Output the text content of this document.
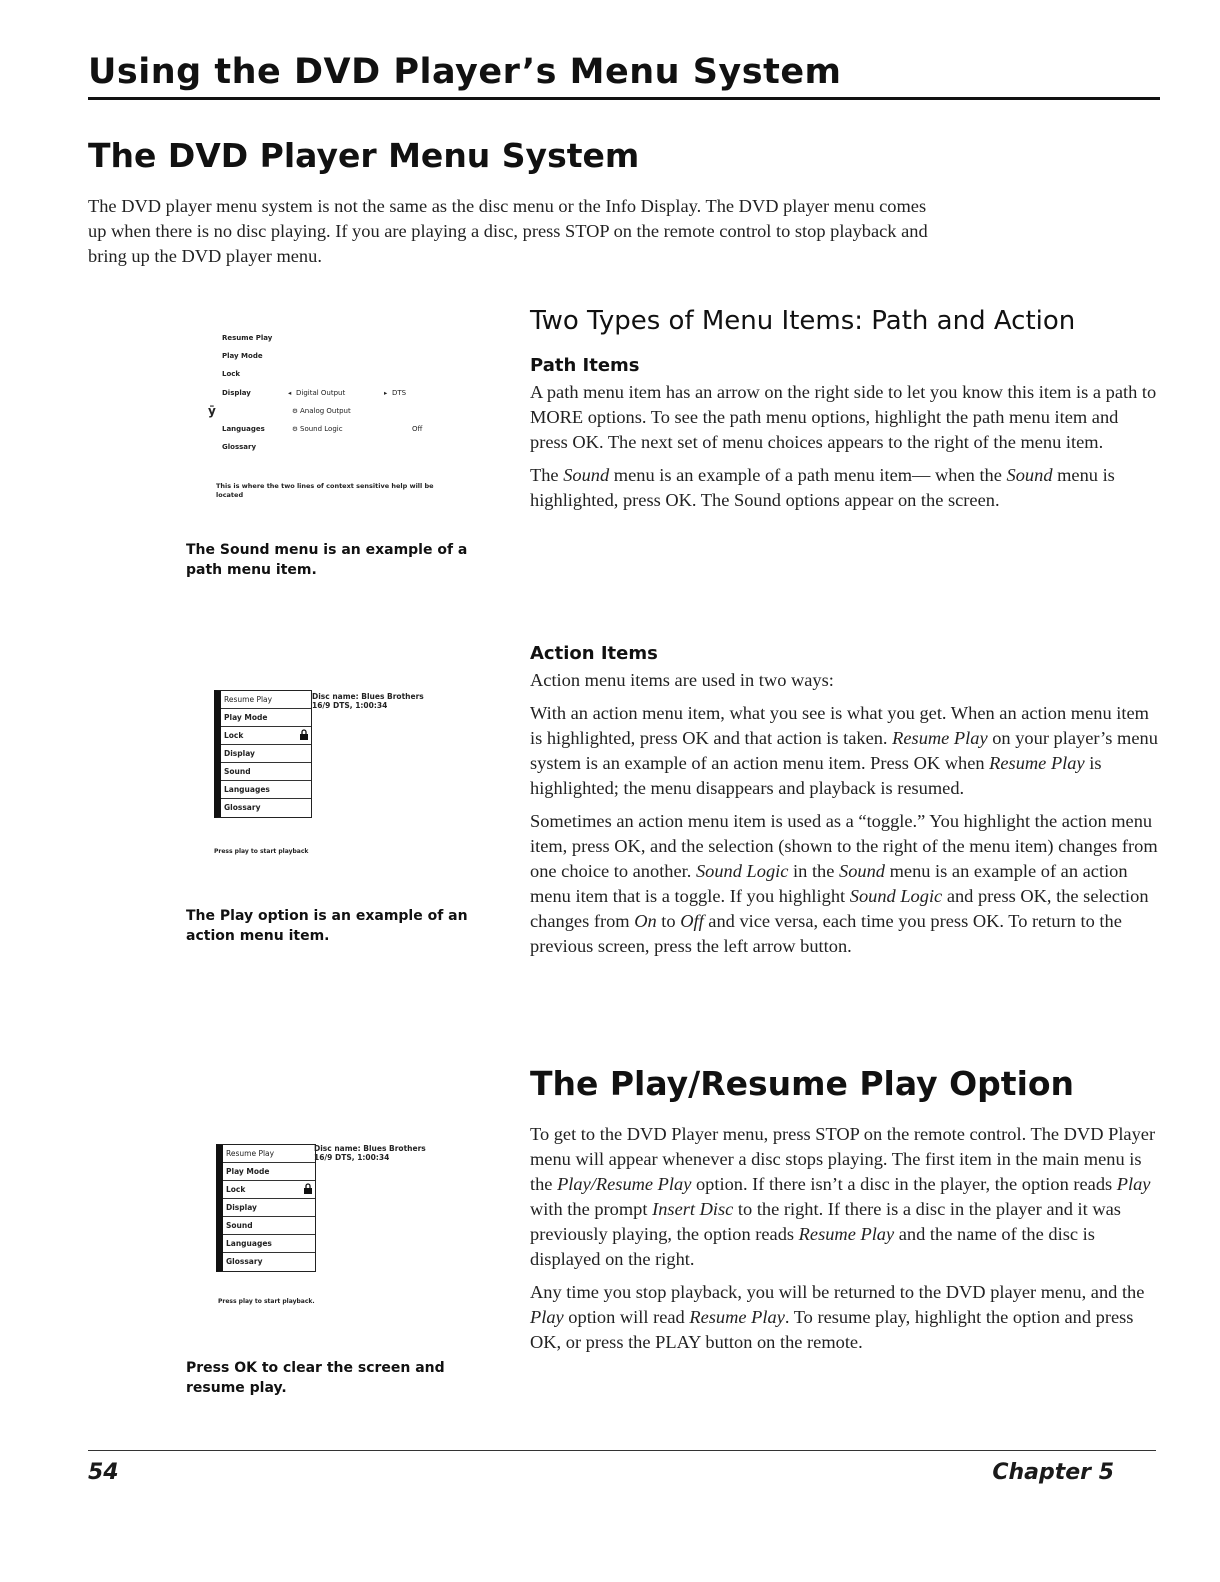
Using the DVD Player’s Menu System
The DVD Player Menu System
The DVD player menu system is not the same as the disc menu or the Info Display. The DVD player menu comes up when there is no disc playing. If you are playing a disc, press STOP on the remote control to stop playback and bring up the DVD player menu.
Resume Play
Play Mode
Lock
Display
Languages
Glossary
ȳ
◂ Digital Output
Analog Output
Sound Logic
⚙
⚙
▸ DTS
Off
This is where the two lines of context sensitive help will be located
The Sound menu is an example of a path menu item.
Resume Play
Play Mode
Lock
Display
Sound
Languages
Glossary
Disc name: Blues Brothers
16/9 DTS, 1:00:34
Press play to start playback
The Play option is an example of an action menu item.
Resume Play
Play Mode
Lock
Display
Sound
Languages
Glossary
Disc name: Blues Brothers
16/9 DTS, 1:00:34
Press play to start playback.
Press OK to clear the screen and resume play.
Two Types of Menu Items: Path and Action
Path Items

A path menu item has an arrow on the right side to let you know this item is a path to MORE options. To see the path menu options, highlight the path menu item and press OK. The next set of menu choices appears to the right of the menu item.

The Sound menu is an example of a path menu item— when the Sound menu is highlighted, press OK. The Sound options appear on the screen.

Action Items

Action menu items are used in two ways:

With an action menu item, what you see is what you get. When an action menu item is highlighted, press OK and that action is taken. Resume Play on your player’s menu system is an example of an action menu item. Press OK when Resume Play is highlighted; the menu disappears and playback is resumed.

Sometimes an action menu item is used as a “toggle.” You highlight the action menu item, press OK, and the selection (shown to the right of the menu item) changes from one choice to another. Sound Logic in the Sound menu is an example of an action menu item that is a toggle. If you highlight Sound Logic and press OK, the selection changes from On to Off and vice versa, each time you press OK. To return to the previous screen, press the left arrow button.

The Play/Resume Play Option

To get to the DVD Player menu, press STOP on the remote control. The DVD Player menu will appear whenever a disc stops playing. The first item in the main menu is the Play/Resume Play option. If there isn’t a disc in the player, the option reads Play with the prompt Insert Disc to the right. If there is a disc in the player and it was previously playing, the option reads Resume Play and the name of the disc is displayed on the right.

Any time you stop playback, you will be returned to the DVD player menu, and the Play option will read Resume Play. To resume play, highlight the option and press OK, or press the PLAY button on the remote.

54	Chapter 5
